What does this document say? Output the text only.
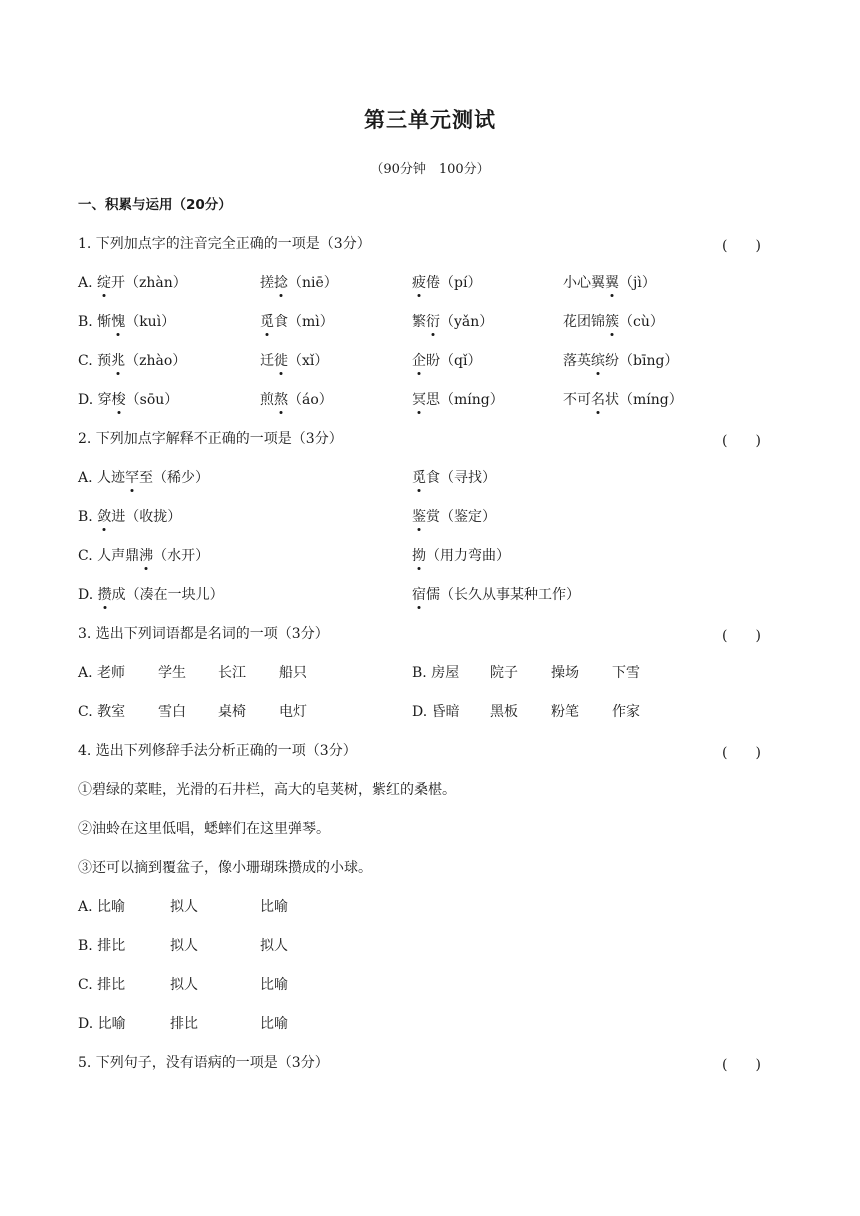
第三单元测试
（90分钟　100分）
一、积累与运用（20分）
1. 下列加点字的注音完全正确的一项是（3分）	(　　)
A. 绽开（zhàn）	搓捻（niē）	疲倦（pí）	小心翼翼（jì）
B. 惭愧（kuì）	觅食（mì）	繁衍（yǎn）	花团锦簇（cù）
C. 预兆（zhào）	迁徙（xǐ）	企盼（qǐ）	落英缤纷（bīng）
D. 穿梭（sōu）	煎熬（áo）	冥思（míng）	不可名状（míng）
2. 下列加点字解释不正确的一项是（3分）	(　　)
A. 人迹罕至（稀少）	觅食（寻找）
B. 敛进（收拢）	鉴赏（鉴定）
C. 人声鼎沸（水开）	拗（用力弯曲）
D. 攒成（凑在一块儿）	宿儒（长久从事某种工作）
3. 选出下列词语都是名词的一项（3分）	(　　)
A. 老师 学生 长江 船只	B. 房屋 院子 操场 下雪
C. 教室 雪白 桌椅 电灯	D. 昏暗 黑板 粉笔 作家
4. 选出下列修辞手法分析正确的一项（3分）	(　　)
①碧绿的菜畦，光滑的石井栏，高大的皂荚树，紫红的桑椹。
②油蛉在这里低唱，蟋蟀们在这里弹琴。
③还可以摘到覆盆子，像小珊瑚珠攒成的小球。
A. 比喻	拟人	比喻
B. 排比	拟人	拟人
C. 排比	拟人	比喻
D. 比喻	排比	比喻
5. 下列句子，没有语病的一项是（3分）	(　　)
